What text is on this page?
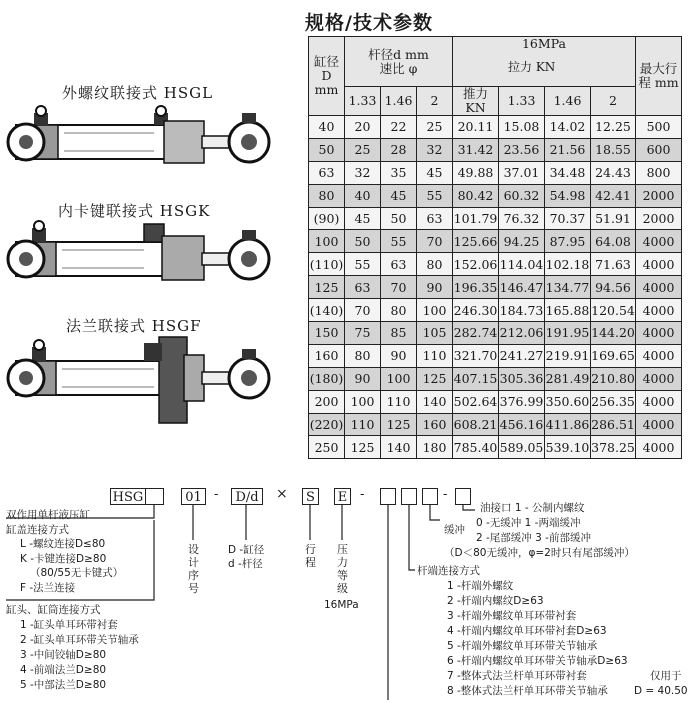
外螺纹联接式 HSGL
内卡键联接式 HSGK
法兰联接式 HSGF
规格/技术参数
缸径D mm	杆径d mm
速比 φ			16MPa				最大行程 mm
	1.33	1.46	2	推力KN	1.33	1.46	2	
40	20	22	25	20.11	15.08	14.02	12.25	500
50	25	28	32	31.42	23.56	21.56	18.55	600
63	32	35	45	49.88	37.01	34.48	24.43	800
80	40	45	55	80.42	60.32	54.98	42.41	2000
(90)	45	50	63	101.79	76.32	70.37	51.91	2000
100	50	55	70	125.66	94.25	87.95	64.08	4000
(110)	55	63	80	152.06	114.04	102.18	71.63	4000
125	63	70	90	196.35	146.47	134.77	94.56	4000
(140)	70	80	100	246.30	184.73	165.88	120.54	4000
150	75	85	105	282.74	212.06	191.95	144.20	4000
160	80	90	110	321.70	241.27	219.91	169.65	4000
(180)	90	100	125	407.15	305.36	281.49	210.80	4000
200	100	110	140	502.64	376.99	350.60	256.35	4000
(220)	110	125	160	608.21	456.16	411.86	286.51	4000
250	125	140	180	785.40	589.05	539.10	378.25	4000
拉力 KN
HSG	01 -	D/d	×	S	E -	-
双作用单杆液压缸
缸盖连接方式
L -螺纹连接D≤80
K -卡键连接D≥80
（80/55无卡键式）
F -法兰连接
缸头、缸筒连接方式
1 -缸头单耳环带衬套
2 -缸头单耳环带关节轴承
3 -中间铰轴D≥80
4 -前端法兰D≥80
5 -中部法兰D≥80
设计序号
D -缸径
d -杆径
行程
压力等级
16MPa
油接口 1 - 公制内螺纹
缓冲
0 -无缓冲 1 -两端缓冲
2 -尾部缓冲 3 -前部缓冲
（D＜80无缓冲，φ=2时只有尾部缓冲）
杆端连接方式
1 -杆端外螺纹
2 -杆端内螺纹D≥63
3 -杆端外螺纹单耳环带衬套
4 -杆端内螺纹单耳环带衬套D≥63
5 -杆端外螺纹单耳环带关节轴承
6 -杆端内螺纹单耳环带关节轴承D≥63
7 -整体式法兰杆单耳环带衬套
8 -整体式法兰杆单耳环带关节轴承
仅用于
D = 40.50
